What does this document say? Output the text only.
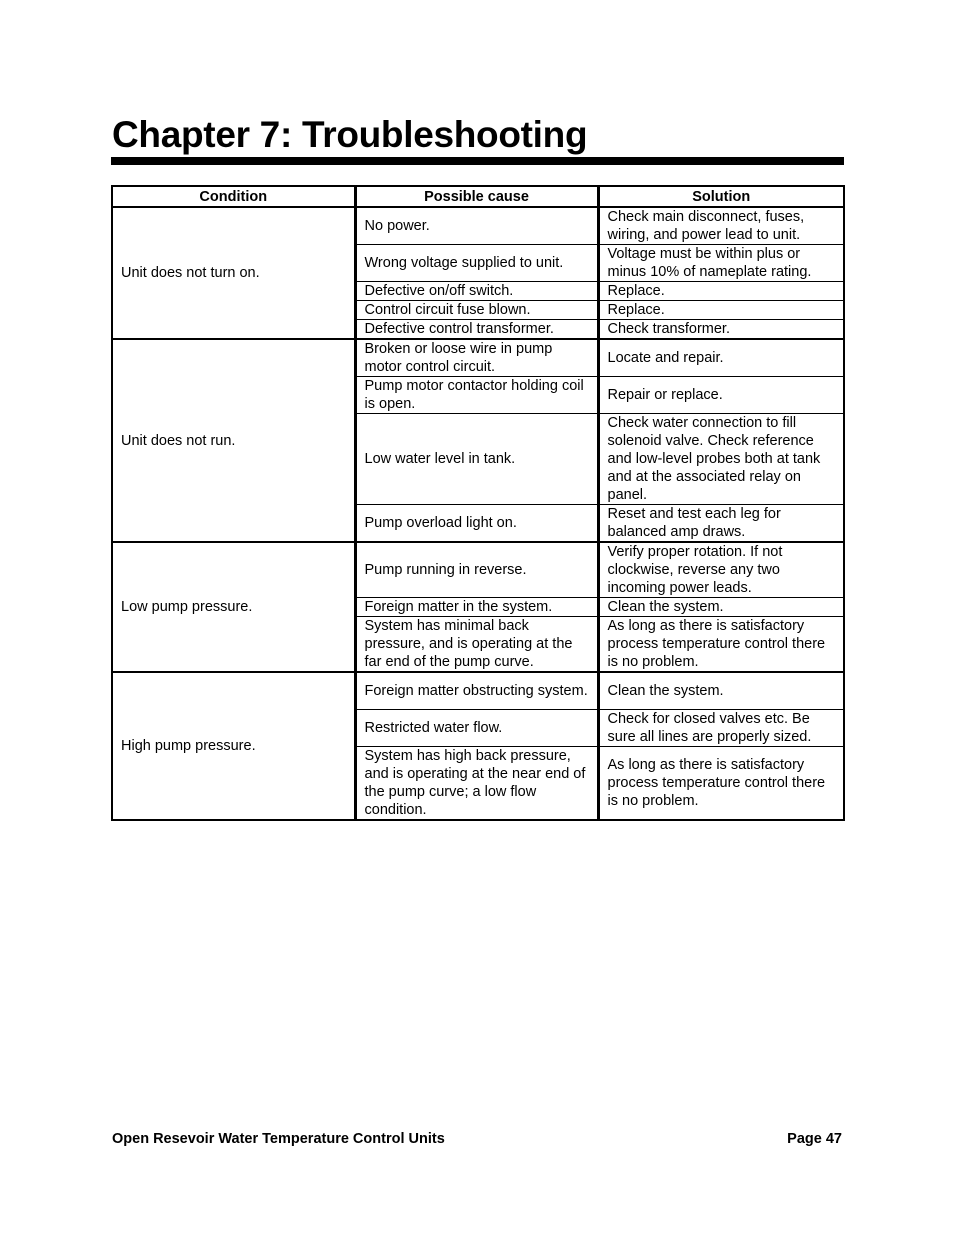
Chapter 7: Troubleshooting
Condition	Possible cause	Solution
Unit does not turn on.	No power.	Check main disconnect, fuses, wiring, and power lead to unit.
	Wrong voltage supplied to unit.	Voltage must be within plus or minus 10% of nameplate rating.
	Defective on/off switch.	Replace.
	Control circuit fuse blown.	Replace.
	Defective control transformer.	Check transformer.
Unit does not run.	Broken or loose wire in pump motor control circuit.	Locate and repair.
	Pump motor contactor holding coil is open.	Repair or replace.
	Low water level in tank.	Check water connection to fill solenoid valve. Check reference and low-level probes both at tank and at the associated relay on panel.
	Pump overload light on.	Reset and test each leg for balanced amp draws.
Low pump pressure.	Pump running in reverse.	Verify proper rotation. If not clockwise, reverse any two incoming power leads.
	Foreign matter in the system.	Clean the system.
	System has minimal back pressure, and is operating at the far end of the pump curve.	As long as there is satisfactory process temperature control there is no problem.
High pump pressure.	Foreign matter obstructing system.	Clean the system.
	Restricted water flow.	Check for closed valves etc. Be sure all lines are properly sized.
	System has high back pressure, and is operating at the near end of the pump curve; a low flow condition.	As long as there is satisfactory process temperature control there is no problem.
Open Resevoir Water Temperature Control Units	Page 47
